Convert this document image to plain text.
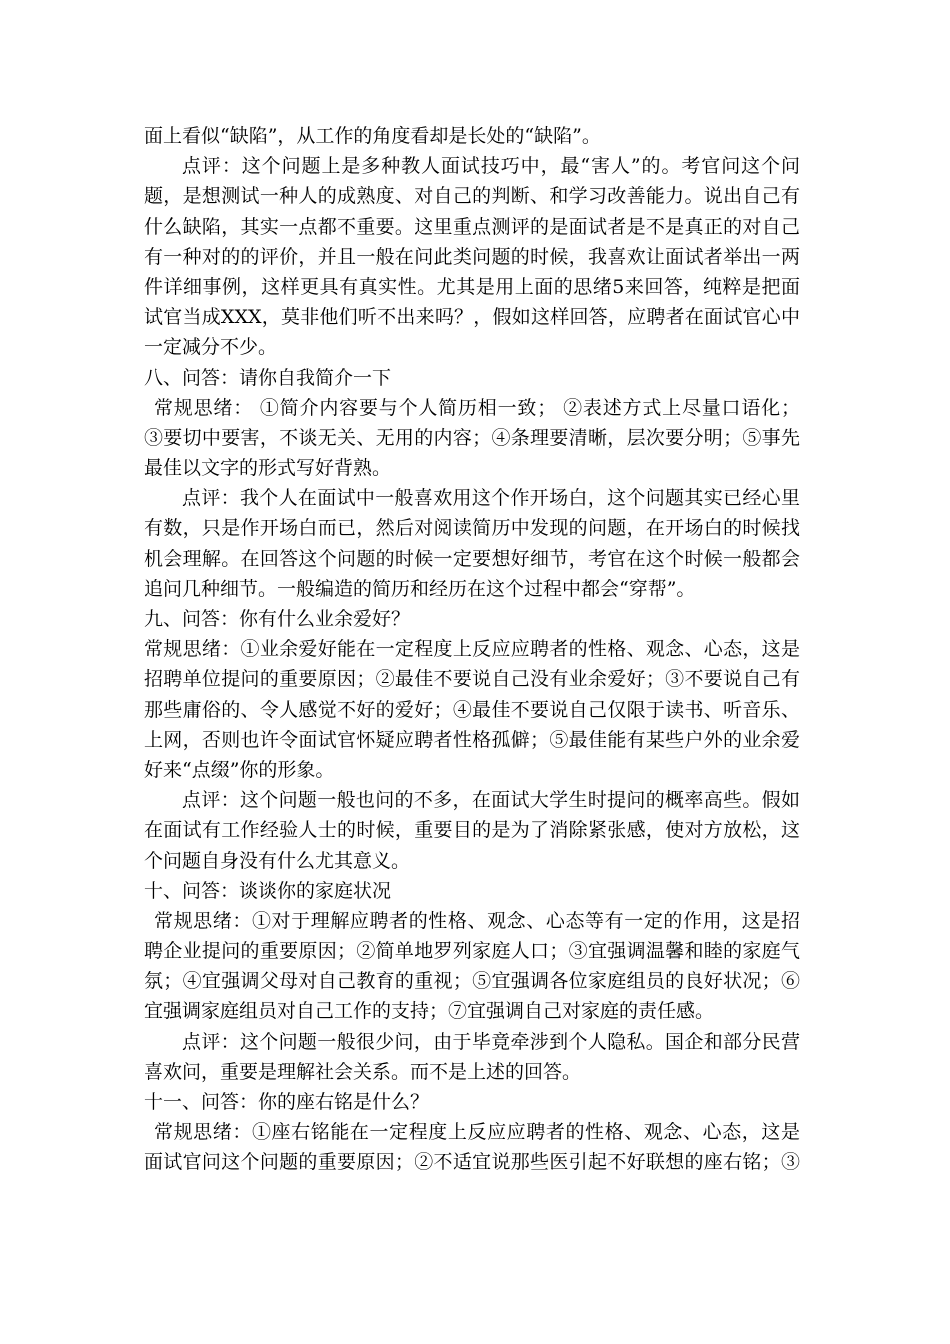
面上看似“缺陷”，从工作的角度看却是长处的“缺陷”。
点评：这个问题上是多种教人面试技巧中，最“害人”的。考官问这个问
题，是想测试一种人的成熟度、对自己的判断、和学习改善能力。说出自己有
什么缺陷，其实一点都不重要。这里重点测评的是面试者是不是真正的对自己
有一种对的的评价，并且一般在问此类问题的时候，我喜欢让面试者举出一两
件详细事例，这样更具有真实性。尤其是用上面的思绪5来回答，纯粹是把面
试官当成XXX，莫非他们听不出来吗？，假如这样回答，应聘者在面试官心中
一定减分不少。
八、问答：请你自我简介一下
常规思绪： ①简介内容要与个人简历相一致； ②表述方式上尽量口语化；
③要切中要害，不谈无关、无用的内容；④条理要清晰，层次要分明；⑤事先
最佳以文字的形式写好背熟。
点评：我个人在面试中一般喜欢用这个作开场白，这个问题其实已经心里
有数，只是作开场白而已，然后对阅读简历中发现的问题，在开场白的时候找
机会理解。在回答这个问题的时候一定要想好细节，考官在这个时候一般都会
追问几种细节。一般编造的简历和经历在这个过程中都会“穿帮”。
九、问答：你有什么业余爱好？
常规思绪：①业余爱好能在一定程度上反应应聘者的性格、观念、心态，这是
招聘单位提问的重要原因；②最佳不要说自己没有业余爱好；③不要说自己有
那些庸俗的、令人感觉不好的爱好；④最佳不要说自己仅限于读书、听音乐、
上网，否则也许令面试官怀疑应聘者性格孤僻；⑤最佳能有某些户外的业余爱
好来“点缀”你的形象。
点评：这个问题一般也问的不多，在面试大学生时提问的概率高些。假如
在面试有工作经验人士的时候，重要目的是为了消除紧张感，使对方放松，这
个问题自身没有什么尤其意义。
十、问答：谈谈你的家庭状况
常规思绪：①对于理解应聘者的性格、观念、心态等有一定的作用，这是招
聘企业提问的重要原因；②简单地罗列家庭人口；③宜强调温馨和睦的家庭气
氛；④宜强调父母对自己教育的重视；⑤宜强调各位家庭组员的良好状况；⑥
宜强调家庭组员对自己工作的支持；⑦宜强调自己对家庭的责任感。
点评：这个问题一般很少问，由于毕竟牵涉到个人隐私。国企和部分民营
喜欢问，重要是理解社会关系。而不是上述的回答。
十一、问答：你的座右铭是什么？
常规思绪：①座右铭能在一定程度上反应应聘者的性格、观念、心态，这是
面试官问这个问题的重要原因；②不适宜说那些医引起不好联想的座右铭；③
